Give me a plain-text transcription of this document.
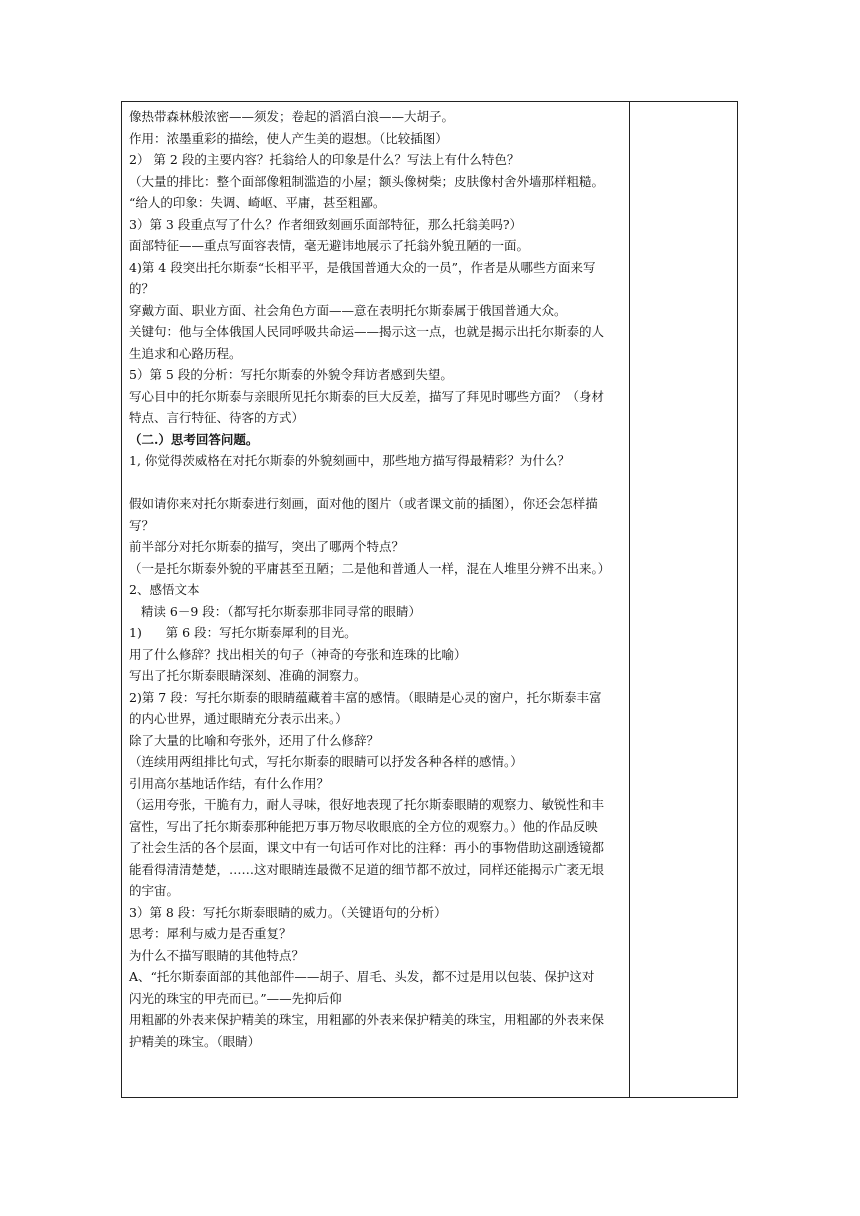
像热带森林般浓密——须发；卷起的滔滔白浪——大胡子。
作用：浓墨重彩的描绘，使人产生美的遐想。（比较插图）
2） 第 2 段的主要内容？托翁给人的印象是什么？写法上有什么特色？
（大量的排比：整个面部像粗制滥造的小屋；额头像树柴；皮肤像村舍外墙那样粗糙。
“给人的印象：失调、崎岖、平庸，甚至粗鄙。
3）第 3 段重点写了什么？作者细致刻画乐面部特征，那么托翁美吗?）
面部特征——重点写面容表情，毫无避讳地展示了托翁外貌丑陋的一面。
4)第 4 段突出托尔斯泰“长相平平，是俄国普通大众的一员”，作者是从哪些方面来写
的？
穿戴方面、职业方面、社会角色方面——意在表明托尔斯泰属于俄国普通大众。
关键句：他与全体俄国人民同呼吸共命运——揭示这一点，也就是揭示出托尔斯泰的人
生追求和心路历程。
5）第 5 段的分析：写托尔斯泰的外貌令拜访者感到失望。
写心目中的托尔斯泰与亲眼所见托尔斯泰的巨大反差，描写了拜见时哪些方面？（身材
特点、言行特征、待客的方式）
（二.）思考回答问题。
1, 你觉得茨威格在对托尔斯泰的外貌刻画中，那些地方描写得最精彩？为什么？
假如请你来对托尔斯泰进行刻画，面对他的图片（或者课文前的插图），你还会怎样描
写？
前半部分对托尔斯泰的描写，突出了哪两个特点？
（一是托尔斯泰外貌的平庸甚至丑陋；二是他和普通人一样，混在人堆里分辨不出来。）
2、感悟文本
精读 6－9 段：（都写托尔斯泰那非同寻常的眼睛）
1)      第 6 段：写托尔斯泰犀利的目光。
用了什么修辞？找出相关的句子（神奇的夸张和连珠的比喻）
写出了托尔斯泰眼睛深刻、准确的洞察力。
2)第 7 段：写托尔斯泰的眼睛蕴藏着丰富的感情。（眼睛是心灵的窗户，托尔斯泰丰富
的内心世界，通过眼睛充分表示出来。）
除了大量的比喻和夸张外，还用了什么修辞？
（连续用两组排比句式，写托尔斯泰的眼睛可以抒发各种各样的感情。）
引用高尔基地话作结，有什么作用？
（运用夸张，干脆有力，耐人寻味，很好地表现了托尔斯泰眼睛的观察力、敏锐性和丰
富性，写出了托尔斯泰那种能把万事万物尽收眼底的全方位的观察力。）他的作品反映
了社会生活的各个层面，课文中有一句话可作对比的注释：再小的事物借助这副透镜都
能看得清清楚楚，……这对眼睛连最微不足道的细节都不放过，同样还能揭示广袤无垠
的宇宙。
3）第 8 段：写托尔斯泰眼睛的威力。（关键语句的分析）
思考：犀利与威力是否重复？
为什么不描写眼睛的其他特点？
A、“托尔斯泰面部的其他部件——胡子、眉毛、头发，都不过是用以包装、保护这对
闪光的珠宝的甲壳而已。”——先抑后仰
用粗鄙的外表来保护精美的珠宝，用粗鄙的外表来保护精美的珠宝，用粗鄙的外表来保
护精美的珠宝。（眼睛）
